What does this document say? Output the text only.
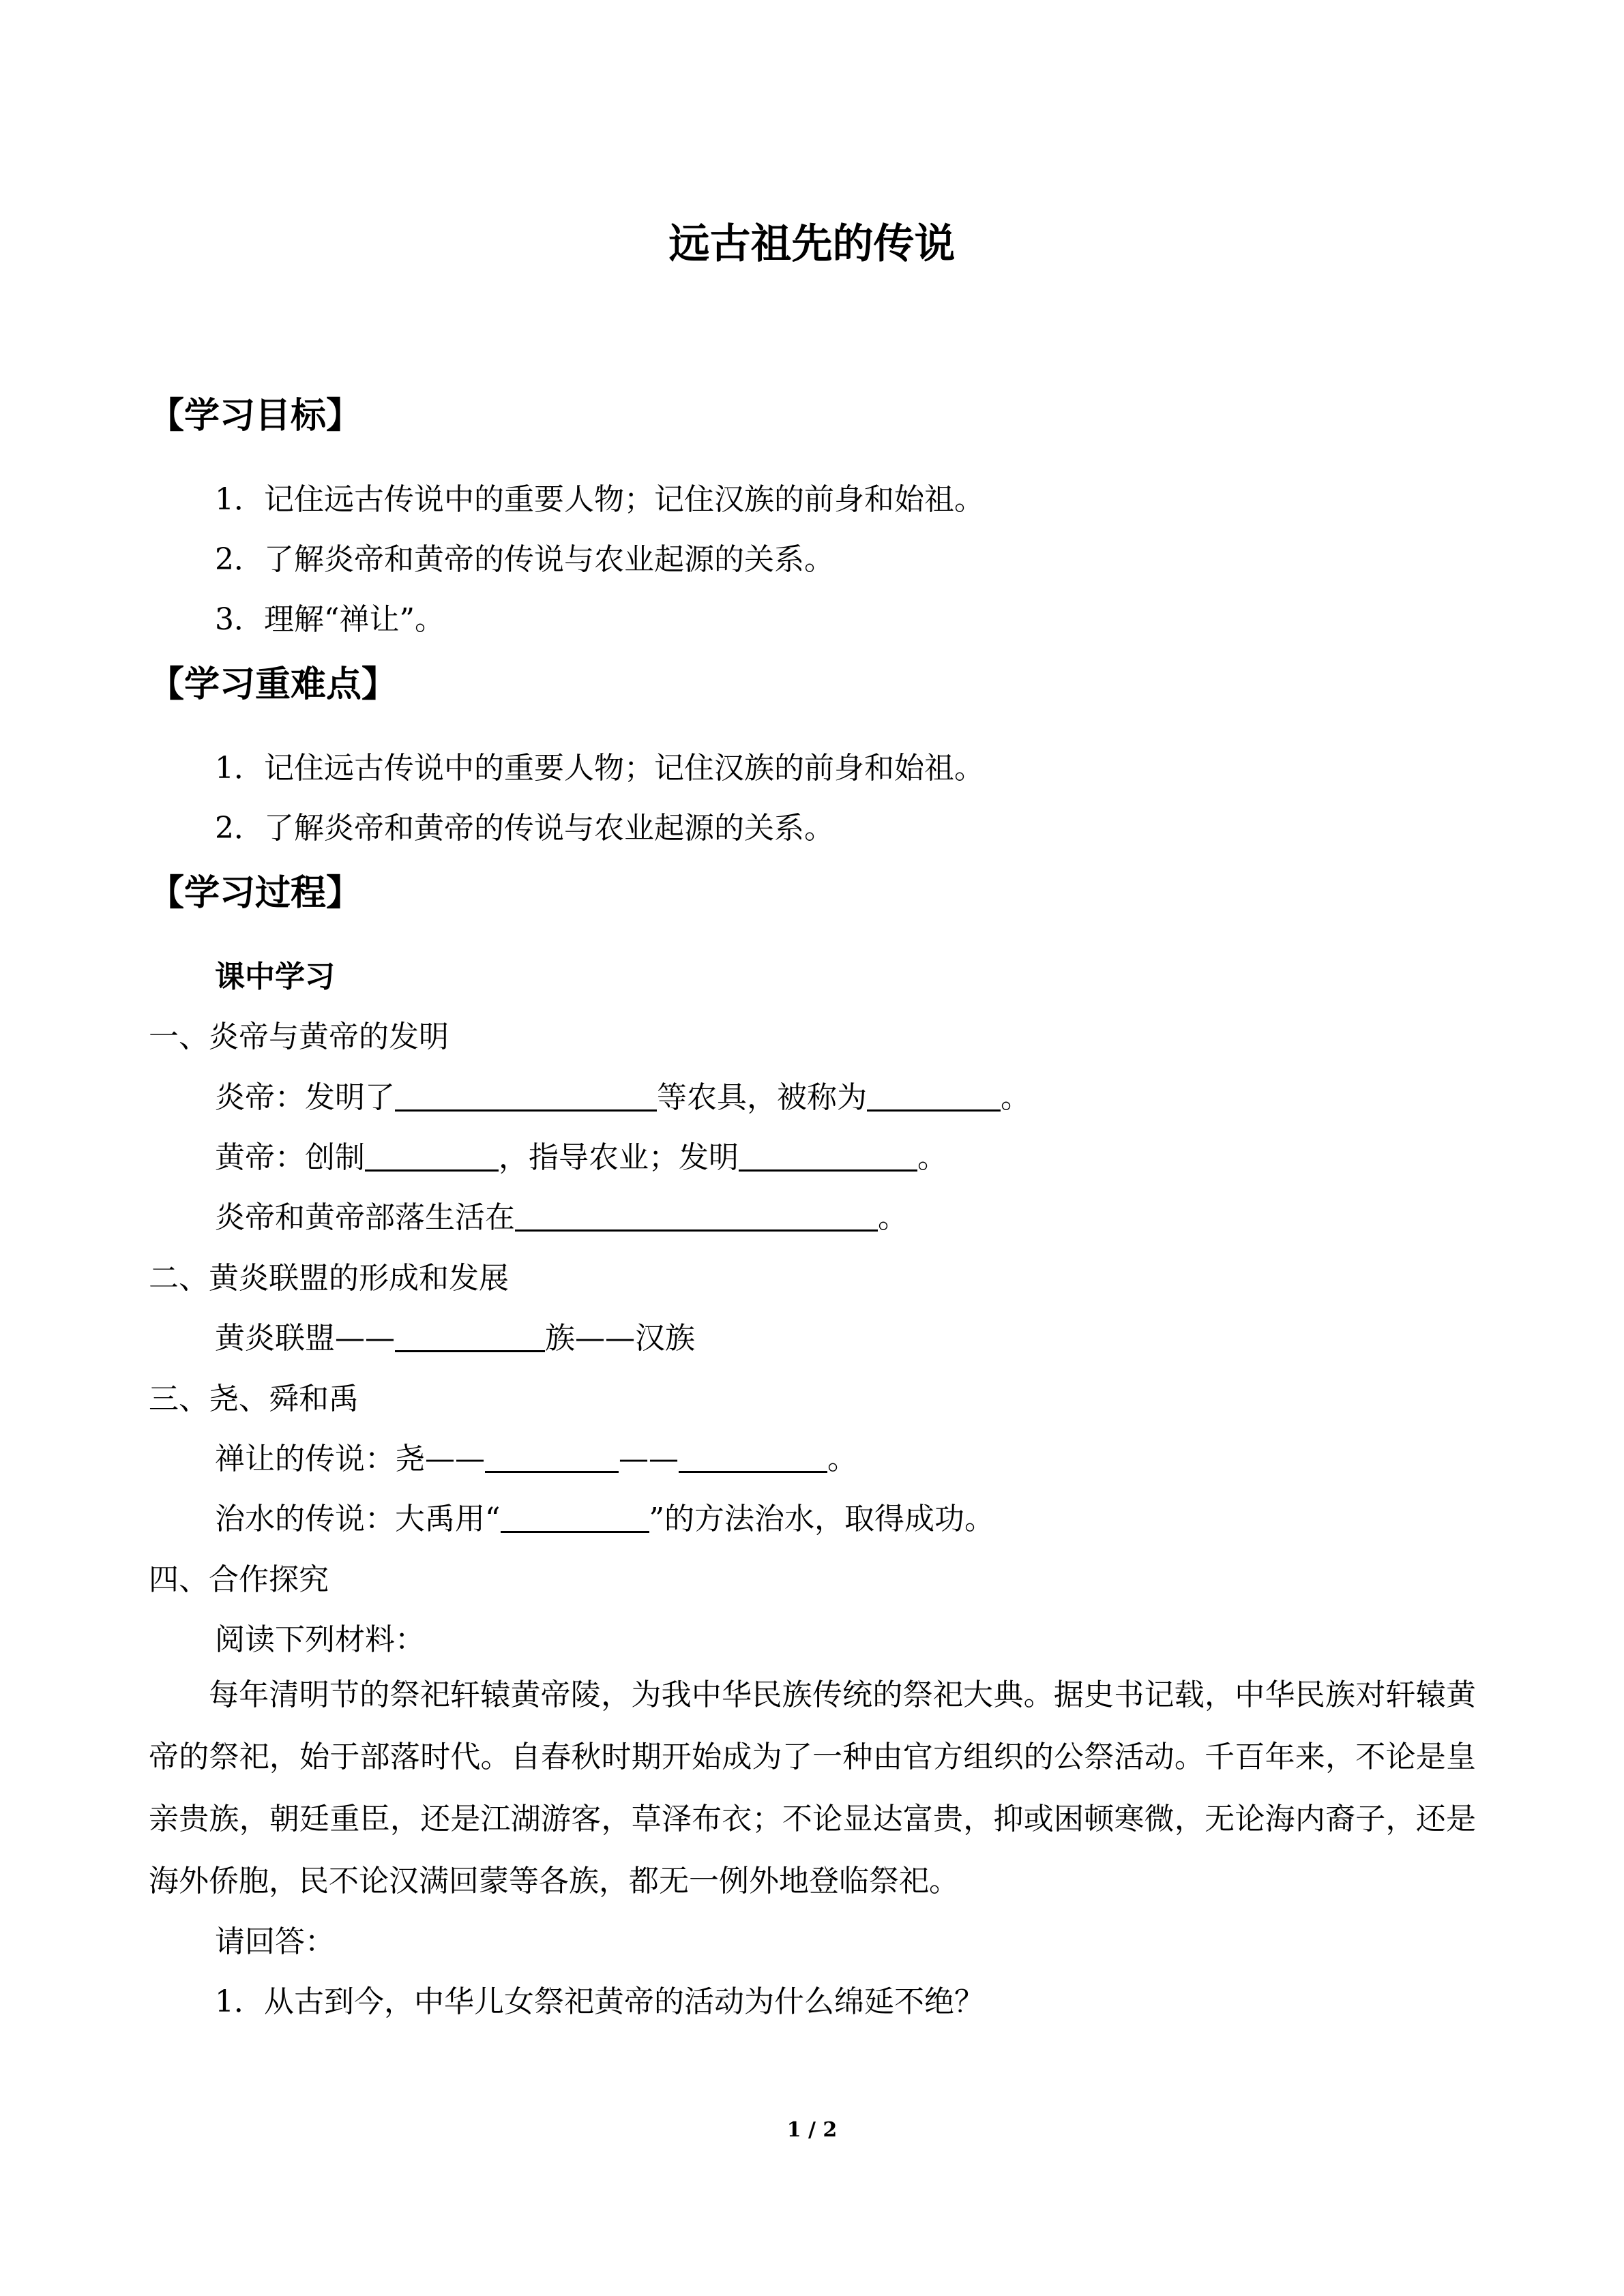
远古祖先的传说
【学习目标】
1．记住远古传说中的重要人物；记住汉族的前身和始祖。
2．了解炎帝和黄帝的传说与农业起源的关系。
3．理解“禅让”。
【学习重难点】
1．记住远古传说中的重要人物；记住汉族的前身和始祖。
2．了解炎帝和黄帝的传说与农业起源的关系。
【学习过程】
课中学习
一、炎帝与黄帝的发明
炎帝：发明了	等农具，被称为	。
黄帝：创制	，指导农业；发明	。
炎帝和黄帝部落生活在	。
二、黄炎联盟的形成和发展
黄炎联盟——	族——汉族
三、尧、舜和禹
禅让的传说：尧——	——	。
治水的传说：大禹用“	”的方法治水，取得成功。
四、合作探究
阅读下列材料：
每年清明节的祭祀轩辕黄帝陵，为我中华民族传统的祭祀大典。据史书记载，中华民族对轩辕黄帝的祭祀，始于部落时代。自春秋时期开始成为了一种由官方组织的公祭活动。千百年来，不论是皇亲贵族，朝廷重臣，还是江湖游客，草泽布衣；不论显达富贵，抑或困顿寒微，无论海内裔子，还是海外侨胞，民不论汉满回蒙等各族，都无一例外地登临祭祀。
请回答：
1．从古到今，中华儿女祭祀黄帝的活动为什么绵延不绝？
1 / 2
